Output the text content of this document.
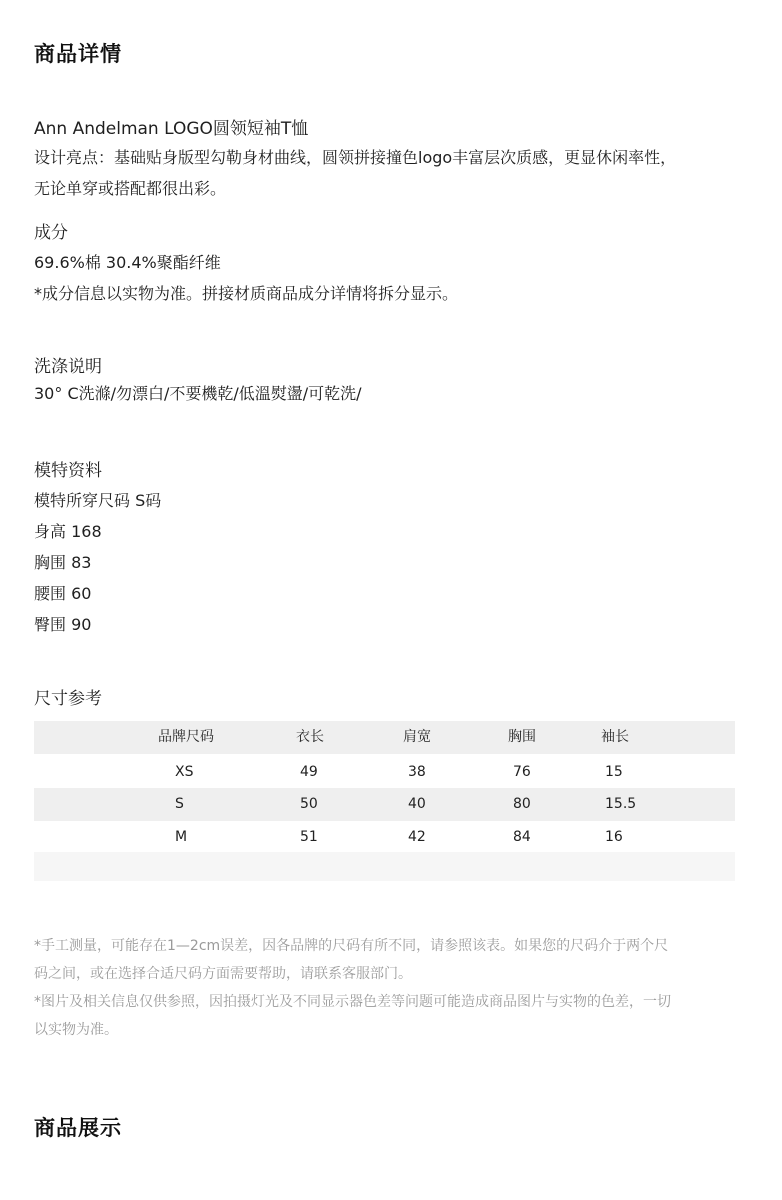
商品详情
Ann Andelman LOGO圆领短袖T恤
设计亮点：基础贴身版型勾勒身材曲线，圆领拼接撞色logo丰富层次质感，更显休闲率性，
无论单穿或搭配都很出彩。
成分
69.6%棉 30.4%聚酯纤维
*成分信息以实物为准。拼接材质商品成分详情将拆分显示。
洗涤说明
30° C洗滌/勿漂白/不要機乾/低溫熨盪/可乾洗/
模特资料
模特所穿尺码 S码
身高 168
胸围 83
腰围 60
臀围 90
尺寸参考
品牌尺码	衣长	肩宽	胸围	袖长
XS	49	38	76	15
S	50	40	80	15.5
M	51	42	84	16
*手工测量，可能存在1—2cm误差，因各品牌的尺码有所不同，请参照该表。如果您的尺码介于两个尺
码之间，或在选择合适尺码方面需要帮助，请联系客服部门。
*图片及相关信息仅供参照，因拍摄灯光及不同显示器色差等问题可能造成商品图片与实物的色差，一切
以实物为准。
商品展示
